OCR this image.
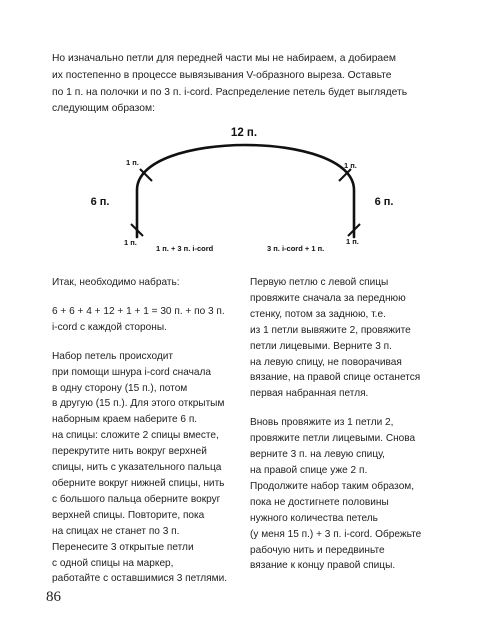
Но изначально петли для передней части мы не набираем, а добираем
их постепенно в процессе вывязывания V-образного выреза. Оставьте
по 1 п. на полочки и по 3 п. i-cord. Распределение петель будет выглядеть
следующим образом:
12 п.
6 п.	6 п.
1 п.	1 п.
1 п.	1 п.
1 п. + 3 п. i-cord	3 п. i-cord + 1 п.

Итак, необходимо набрать:

6 + 6 + 4 + 12 + 1 + 1 = 30 п. + по 3 п.
i-cord с каждой стороны.

Набор петель происходит
при помощи шнура i-cord сначала
в одну сторону (15 п.), потом
в другую (15 п.). Для этого открытым
наборным краем наберите 6 п.
на спицы: сложите 2 спицы вместе,
перекрутите нить вокруг верхней
спицы, нить с указательного пальца
оберните вокруг нижней спицы, нить
с большого пальца оберните вокруг
верхней спицы. Повторите, пока
на спицах не станет по 3 п.
Перенесите 3 открытые петли
с одной спицы на маркер,
работайте с оставшимися 3 петлями.

Первую петлю с левой спицы
провяжите сначала за переднюю
стенку, потом за заднюю, т.е.
из 1 петли вывяжите 2, провяжите
петли лицевыми. Верните 3 п.
на левую спицу, не поворачивая
вязание, на правой спице останется
первая набранная петля.

Вновь провяжите из 1 петли 2,
провяжите петли лицевыми. Снова
верните 3 п. на левую спицу,
на правой спице уже 2 п.
Продолжите набор таким образом,
пока не достигнете половины
нужного количества петель
(у меня 15 п.) + 3 п. i-cord. Обрежьте
рабочую нить и передвиньте
вязание к концу правой спицы.

86
